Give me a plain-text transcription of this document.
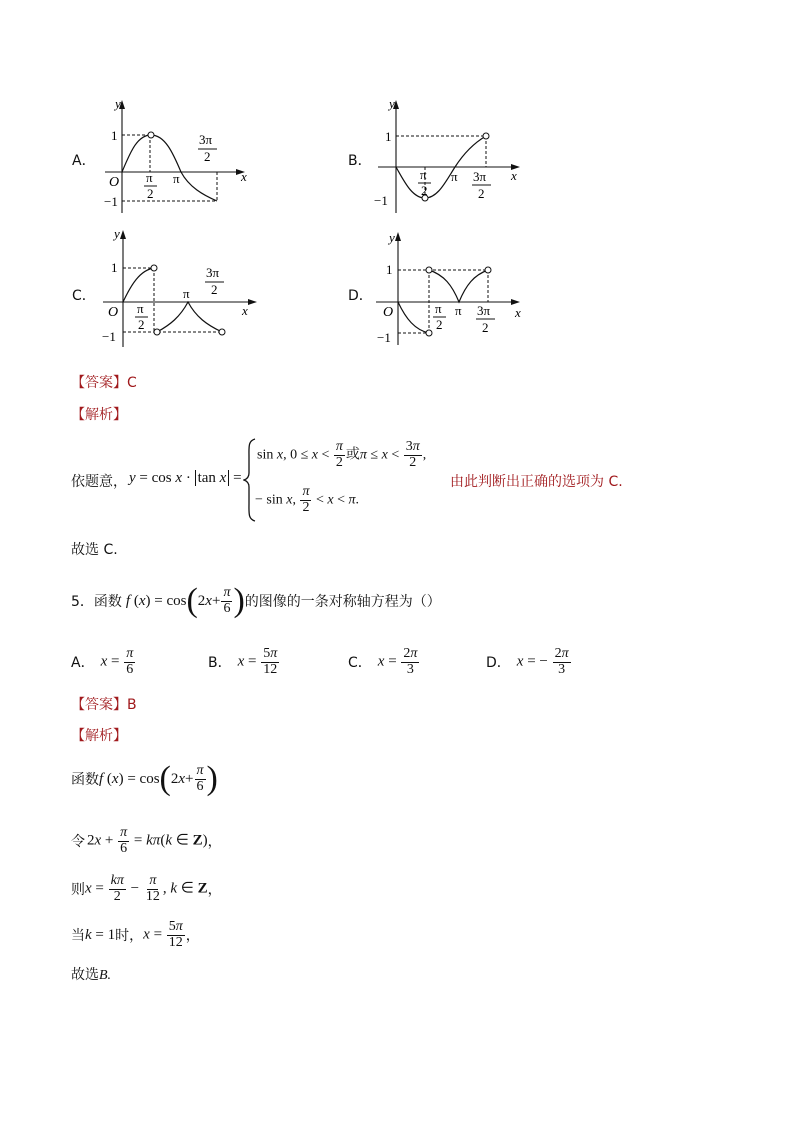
A．	B．
C．	D．
y
x
O
1
−1
π
2
π
3π
2
y
x
1
−1
π
2
π 3π
2
y
x
O
1
−1
π
2
π
3π
2
y
x
O
1
−1
π
2
π 3π
2
【答案】C
【解析】
依题意， y = cos x · tan x =
sin x, $0 \le x < \frac{\pi}{2}$ 或$\pi \le x < \frac{3\pi}{2}$ ,
− sin x, $\frac{\pi}{2} < x < \pi$.
由此判断出正确的选项为 C.
故选 C.
5．函数 f ( x ) = cos ( 2 $x + \frac{\pi}{6}$ ) 的图像的一条对称轴方程为（）
A． $x = \frac{\pi}{6}$	B． $x = \frac{5\pi}{12}$	C． $x = \frac{2\pi}{3}$	D． x = − $\frac{2\pi}{3}$
【答案】B
【解析】
函数 f ( x ) = cos ( 2 $x + \frac{\pi}{6}$ )
令 $2x + \frac{\pi}{6} = k\pi(k$ ∈ Z) ，
则 $x = \frac{k\pi}{2} - \frac{\pi}{12}$ , k ∈ Z ，
当 k = 1 时， $x = \frac{5\pi}{12}$ ，
故选B.
